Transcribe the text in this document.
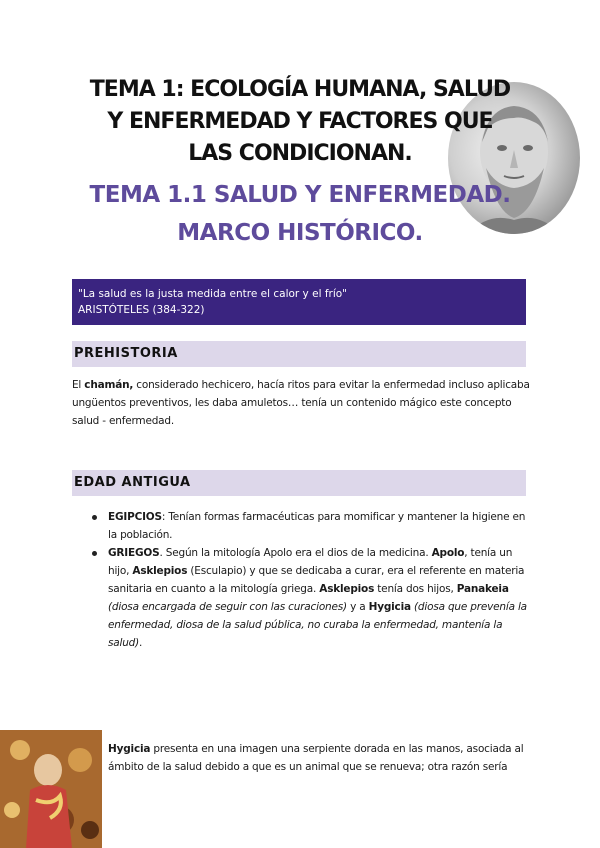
TEMA 1: ECOLOGÍA HUMANA, SALUD
Y ENFERMEDAD Y FACTORES QUE
LAS CONDICIONAN.
TEMA 1.1 SALUD Y ENFERMEDAD.
MARCO HISTÓRICO.
"La salud es la justa medida entre el calor y el frío"
ARISTÓTELES (384-322)
PREHISTORIA
El chamán, considerado hechicero, hacía ritos para evitar la enfermedad incluso aplicaba ungüentos preventivos, les daba amuletos… tenía un contenido mágico este concepto salud - enfermedad.
EDAD ANTIGUA
EGIPCIOS: Tenían formas farmacéuticas para momificar y mantener la higiene en la población.
GRIEGOS. Según la mitología Apolo era el dios de la medicina. Apolo, tenía un hijo, Asklepios (Esculapio) y que se dedicaba a curar, era el referente en materia sanitaria en cuanto a la mitología griega. Asklepios tenía dos hijos, Panakeia (diosa encargada de seguir con las curaciones) y a Hygicia (diosa que prevenía la enfermedad, diosa de la salud pública, no curaba la enfermedad, mantenía la salud).
Hygicia presenta en una imagen una serpiente dorada en las manos, asociada al ámbito de la salud debido a que es un animal que se renueva; otra razón sería
